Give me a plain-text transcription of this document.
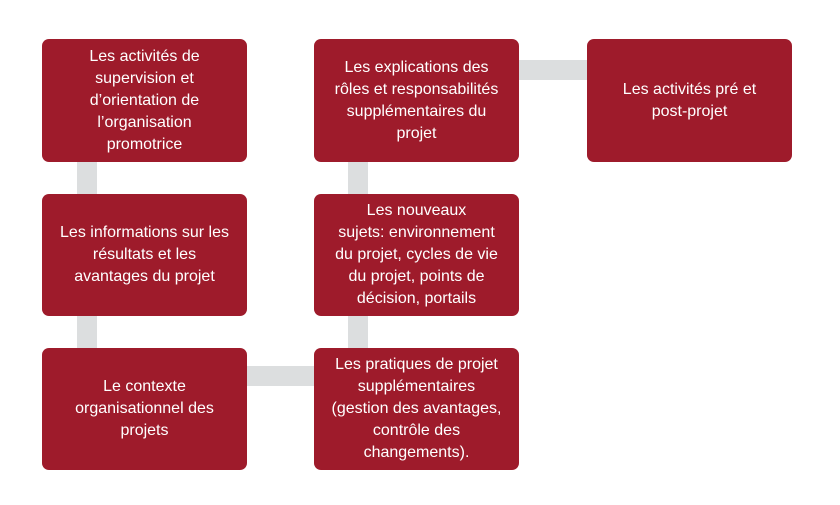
Les activités de
supervision et
d’orientation de
l’organisation
promotrice
Les informations sur les
résultats et les
avantages du projet
Le contexte
organisationnel des
projets
Les explications des
rôles et responsabilités
supplémentaires du
projet
Les nouveaux
sujets: environnement
du projet, cycles de vie
du projet, points de
décision, portails
Les pratiques de projet
supplémentaires
(gestion des avantages,
contrôle des
changements).
Les activités pré et
post-projet
